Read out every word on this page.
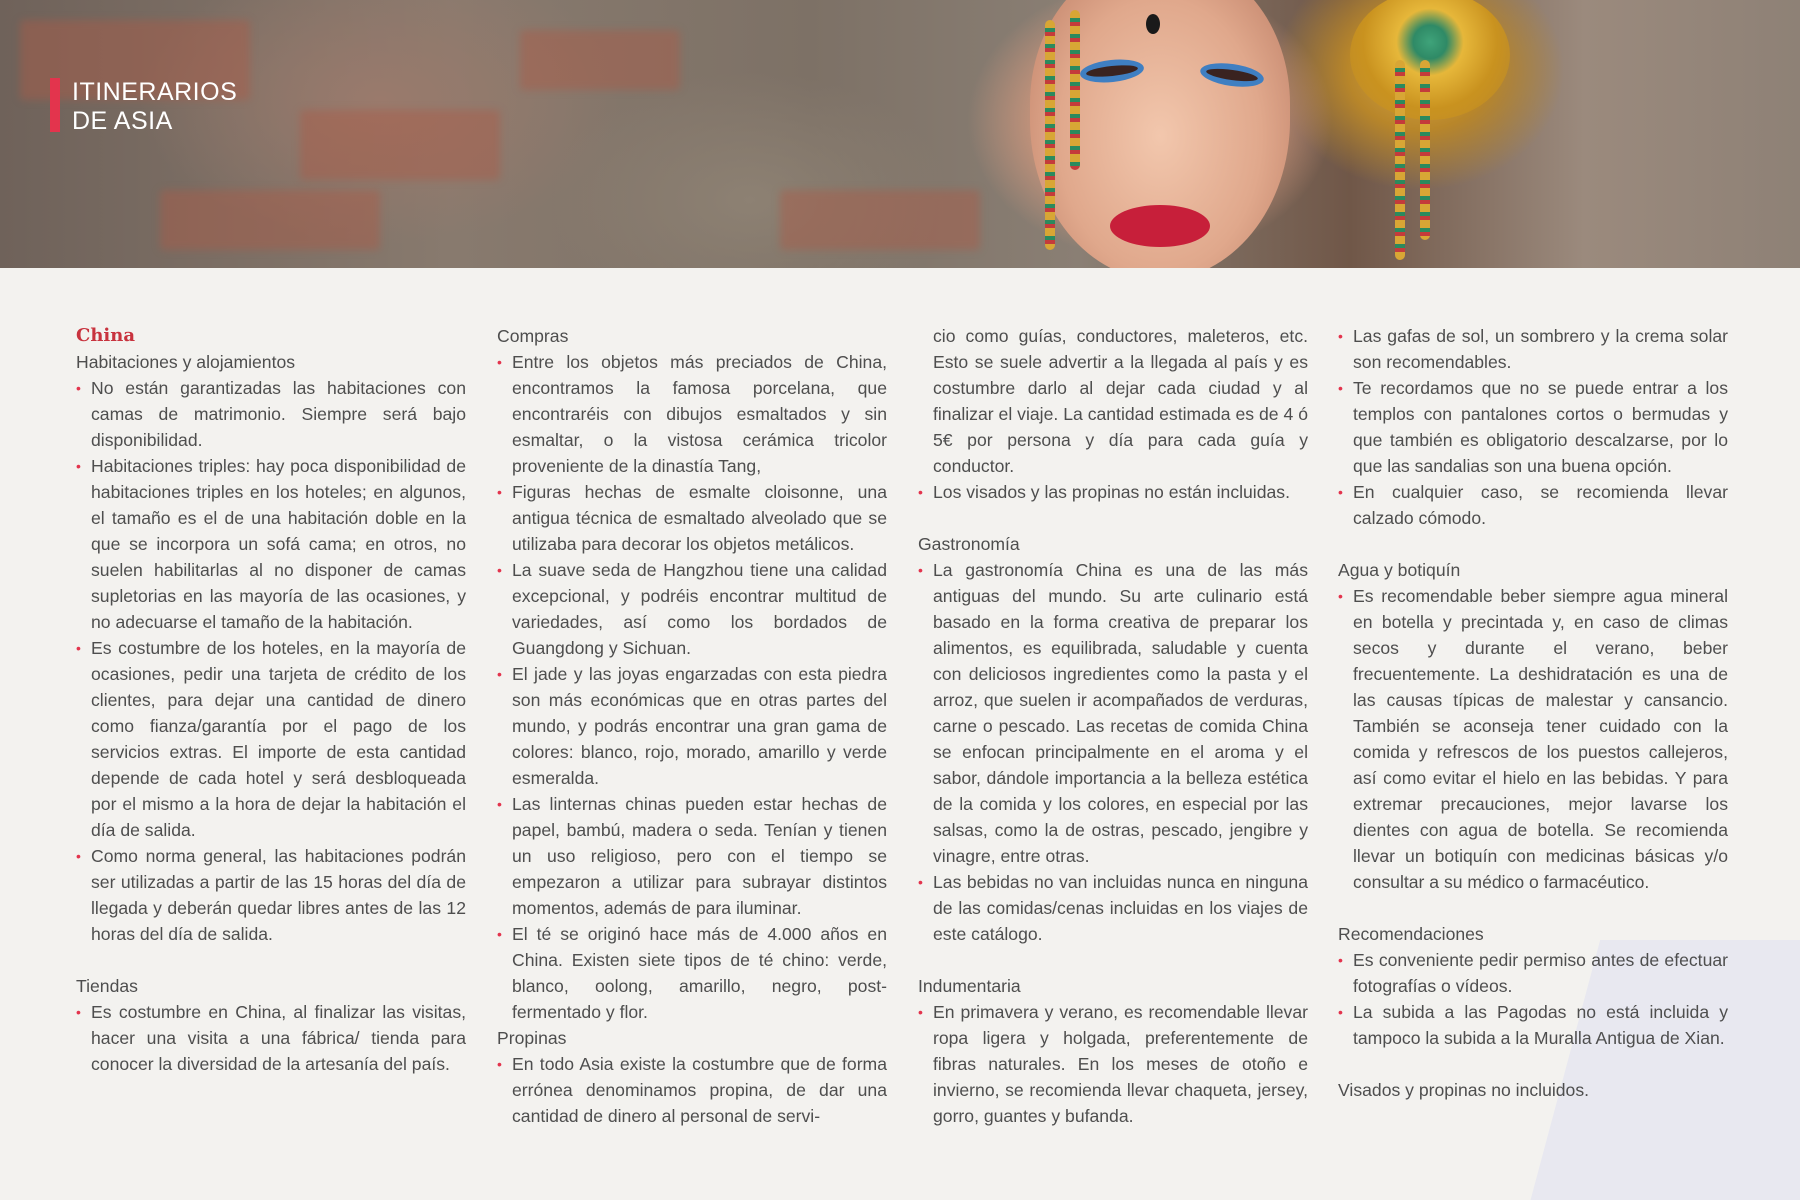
ITINERARIOS
DE ASIA

China

Habitaciones y alojamientos

• No están garantizadas las habitaciones con camas de matrimonio. Siempre será bajo disponibilidad.
• Habitaciones triples: hay poca disponibilidad de habitaciones triples en los hoteles; en algunos, el tamaño es el de una habitación doble en la que se incorpora un sofá cama; en otros, no suelen habilitarlas al no disponer de camas supletorias en las mayoría de las ocasiones, y no adecuarse el tamaño de la habitación.
• Es costumbre de los hoteles, en la mayoría de ocasiones, pedir una tarjeta de crédito de los clientes, para dejar una cantidad de dinero como fianza/garantía por el pago de los servicios extras. El importe de esta cantidad depende de cada hotel y será desbloqueada por el mismo a la hora de dejar la habitación el día de salida.
• Como norma general, las habitaciones podrán ser utilizadas a partir de las 15 horas del día de llegada y deberán quedar libres antes de las 12 horas del día de salida.

Tiendas

• Es costumbre en China, al finalizar las visitas, hacer una visita a una fábrica/ tienda para conocer la diversidad de la artesanía del país.

Compras

• Entre los objetos más preciados de China, encontramos la famosa porcelana, que encontraréis con dibujos esmaltados y sin esmaltar, o la vistosa cerámica tricolor proveniente de la dinastía Tang,
• Figuras hechas de esmalte cloisonne, una antigua técnica de esmaltado alveolado que se utilizaba para decorar los objetos metálicos.
• La suave seda de Hangzhou tiene una calidad excepcional, y podréis encontrar multitud de variedades, así como los bordados de Guangdong y Sichuan.
• El jade y las joyas engarzadas con esta piedra son más económicas que en otras partes del mundo, y podrás encontrar una gran gama de colores: blanco, rojo, morado, amarillo y verde esmeralda.
• Las linternas chinas pueden estar hechas de papel, bambú, madera o seda. Tenían y tienen un uso religioso, pero con el tiempo se empezaron a utilizar para subrayar distintos momentos, además de para iluminar.
• El té se originó hace más de 4.000 años en China. Existen siete tipos de té chino: verde, blanco, oolong, amarillo, negro, post-fermentado y flor.

Propinas

• En todo Asia existe la costumbre que de forma errónea denominamos propina, de dar una cantidad de dinero al personal de servi-
cio como guías, conductores, maleteros, etc. Esto se suele advertir a la llegada al país y es costumbre darlo al dejar cada ciudad y al finalizar el viaje. La cantidad estimada es de 4 ó 5€ por persona y día para cada guía y conductor.
• Los visados y las propinas no están incluidas.

Gastronomía

• La gastronomía China es una de las más antiguas del mundo. Su arte culinario está basado en la forma creativa de preparar los alimentos, es equilibrada, saludable y cuenta con deliciosos ingredientes como la pasta y el arroz, que suelen ir acompañados de verduras, carne o pescado. Las recetas de comida China se enfocan principalmente en el aroma y el sabor, dándole importancia a la belleza estética de la comida y los colores, en especial por las salsas, como la de ostras, pescado, jengibre y vinagre, entre otras.
• Las bebidas no van incluidas nunca en ninguna de las comidas/cenas incluidas en los viajes de este catálogo.

Indumentaria

• En primavera y verano, es recomendable llevar ropa ligera y holgada, preferentemente de fibras naturales. En los meses de otoño e invierno, se recomienda llevar chaqueta, jersey, gorro, guantes y bufanda.
• Las gafas de sol, un sombrero y la crema solar son recomendables.
• Te recordamos que no se puede entrar a los templos con pantalones cortos o bermudas y que también es obligatorio descalzarse, por lo que las sandalias son una buena opción.
• En cualquier caso, se recomienda llevar calzado cómodo.

Agua y botiquín

• Es recomendable beber siempre agua mineral en botella y precintada y, en caso de climas secos y durante el verano, beber frecuentemente. La deshidratación es una de las causas típicas de malestar y cansancio. También se aconseja tener cuidado con la comida y refrescos de los puestos callejeros, así como evitar el hielo en las bebidas. Y para extremar precauciones, mejor lavarse los dientes con agua de botella. Se recomienda llevar un botiquín con medicinas básicas y/o consultar a su médico o farmacéutico.

Recomendaciones

• Es conveniente pedir permiso antes de efectuar fotografías o vídeos.
• La subida a las Pagodas no está incluida y tampoco la subida a la Muralla Antigua de Xian.

Visados y propinas no incluidos.
